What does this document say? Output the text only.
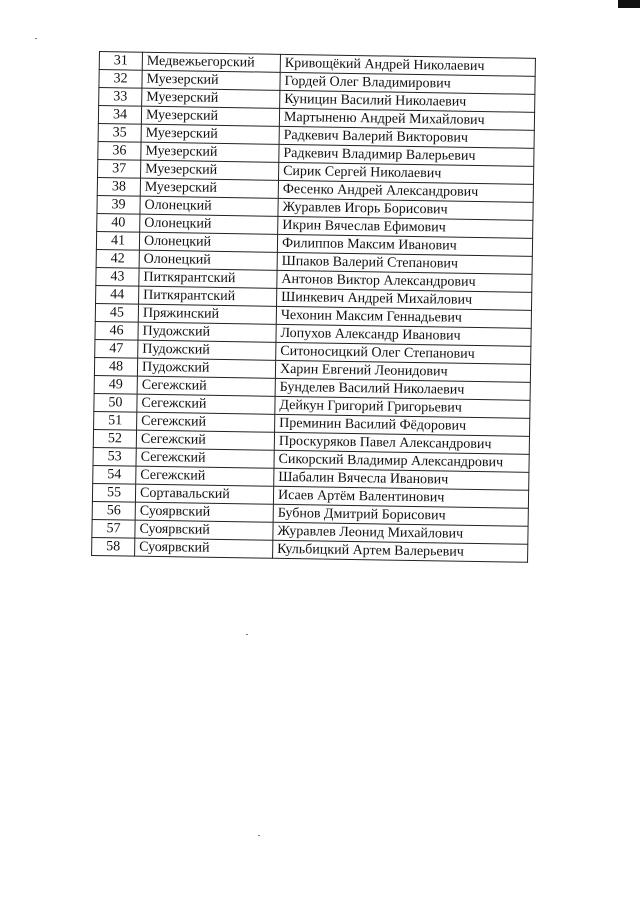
31	Медвежьегорский	Кривощёкий Андрей Николаевич
32	Муезерский	Гордей Олег Владимирович
33	Муезерский	Куницин Василий Николаевич
34	Муезерский	Мартыненю Андрей Михайлович
35	Муезерский	Радкевич Валерий Викторович
36	Муезерский	Радкевич Владимир Валерьевич
37	Муезерский	Сирик Сергей Николаевич
38	Муезерский	Фесенко Андрей Александрович
39	Олонецкий	Журавлев Игорь Борисович
40	Олонецкий	Икрин Вячеслав Ефимович
41	Олонецкий	Филиппов Максим Иванович
42	Олонецкий	Шпаков Валерий Степанович
43	Питкярантский	Антонов Виктор Александрович
44	Питкярантский	Шинкевич Андрей Михайлович
45	Пряжинский	Чехонин Максим Геннадьевич
46	Пудожский	Лопухов Александр Иванович
47	Пудожский	Ситоносицкий Олег Степанович
48	Пудожский	Харин Евгений Леонидович
49	Сегежский	Бунделев Василий Николаевич
50	Сегежский	Дейкун Григорий Григорьевич
51	Сегежский	Преминин Василий Фёдорович
52	Сегежский	Проскуряков Павел Александрович
53	Сегежский	Сикорский Владимир Александрович
54	Сегежский	Шабалин Вячесла Иванович
55	Сортавальский	Исаев Артём Валентинович
56	Суоярвский	Бубнов Дмитрий Борисович
57	Суоярвский	Журавлев Леонид Михайлович
58	Суоярвский	Кульбицкий Артем Валерьевич
